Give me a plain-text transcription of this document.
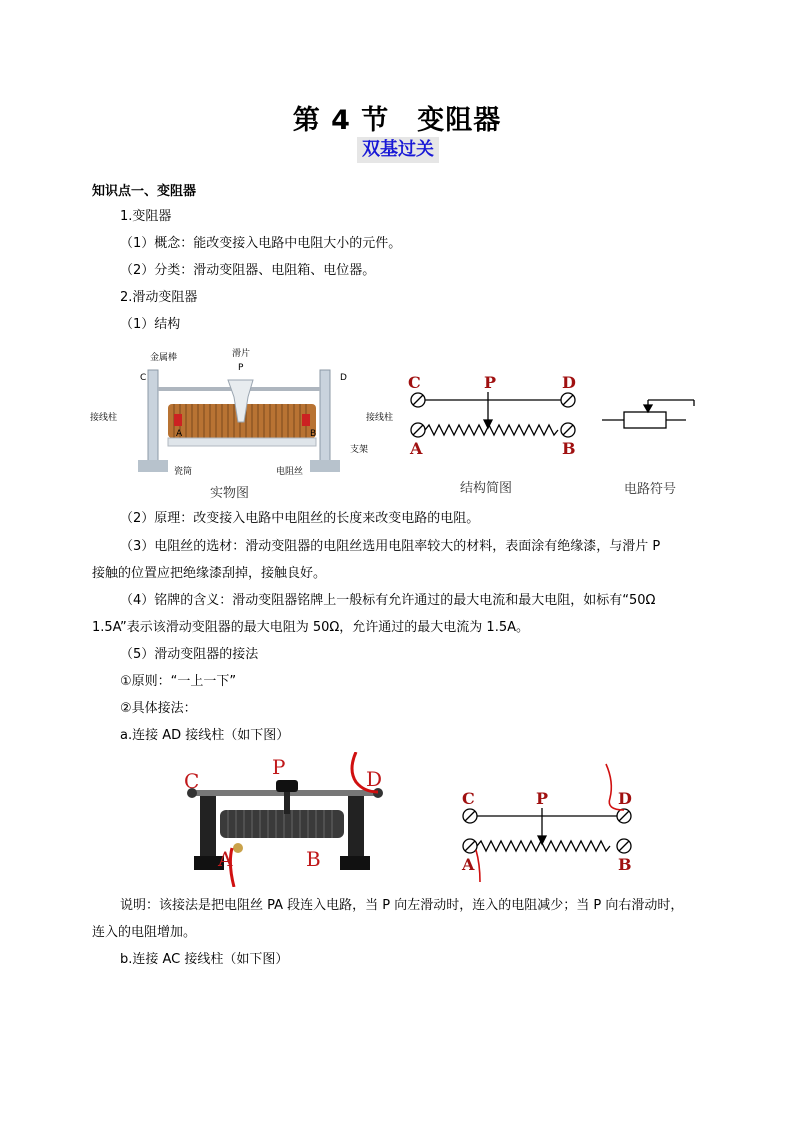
第 4 节　变阻器
双基过关
知识点一、变阻器
1.变阻器
（1）概念：能改变接入电路中电阻大小的元件。
（2）分类：滑动变阻器、电阻箱、电位器。
2.滑动变阻器
（1）结构
金属棒	滑片
P
C	D
A	B
接线柱	接线柱
支架
瓷筒	电阻丝
C	P	D
A	B
实物图	结构简图	电路符号
（2）原理：改变接入电路中电阻丝的长度来改变电路的电阻。
（3）电阻丝的选材：滑动变阻器的电阻丝选用电阻率较大的材料，表面涂有绝缘漆，与滑片 P
接触的位置应把绝缘漆刮掉，接触良好。
（4）铭牌的含义：滑动变阻器铭牌上一般标有允许通过的最大电流和最大电阻，如标有“50Ω
1.5A”表示该滑动变阻器的最大电阻为 50Ω，允许通过的最大电流为 1.5A。
（5）滑动变阻器的接法
①原则：“一上一下”
②具体接法：
a.连接 AD 接线柱（如下图）
C
P	D
A	B
C	P	D
A	B
说明：该接法是把电阻丝 PA 段连入电路，当 P 向左滑动时，连入的电阻减少；当 P 向右滑动时，
连入的电阻增加。
b.连接 AC 接线柱（如下图）
